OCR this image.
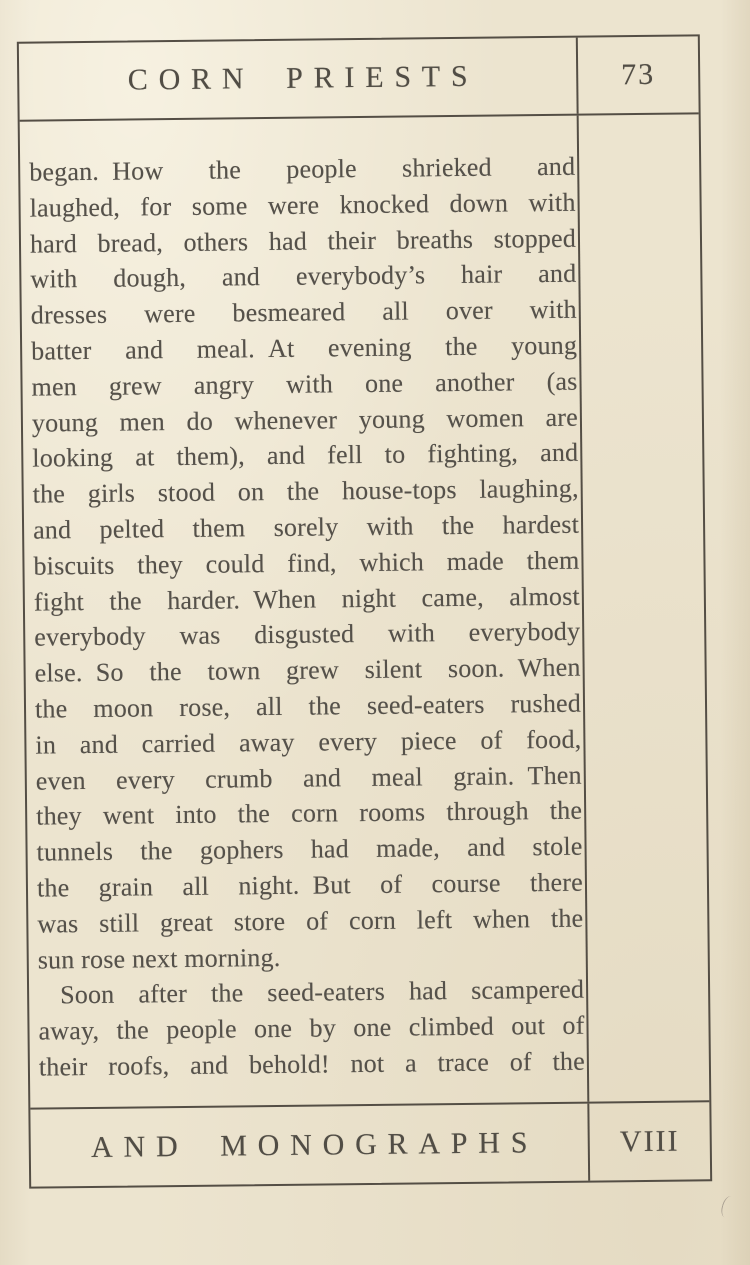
CORN PRIESTS	73
began. How the people shrieked and
laughed, for some were knocked down with
hard bread, others had their breaths stopped
with dough, and everybody’s hair and
dresses were besmeared all over with
batter and meal. At evening the young
men grew angry with one another (as
young men do whenever young women are
looking at them), and fell to fighting, and
the girls stood on the house-tops laughing,
and pelted them sorely with the hardest
biscuits they could find, which made them
fight the harder. When night came, almost
everybody was disgusted with everybody
else. So the town grew silent soon. When
the moon rose, all the seed-eaters rushed
in and carried away every piece of food,
even every crumb and meal grain. Then
they went into the corn rooms through the
tunnels the gophers had made, and stole
the grain all night. But of course there
was still great store of corn left when the
sun rose next morning.
Soon after the seed-eaters had scampered
away, the people one by one climbed out of
their roofs, and behold! not a trace of the
AND MONOGRAPHS	VIII
